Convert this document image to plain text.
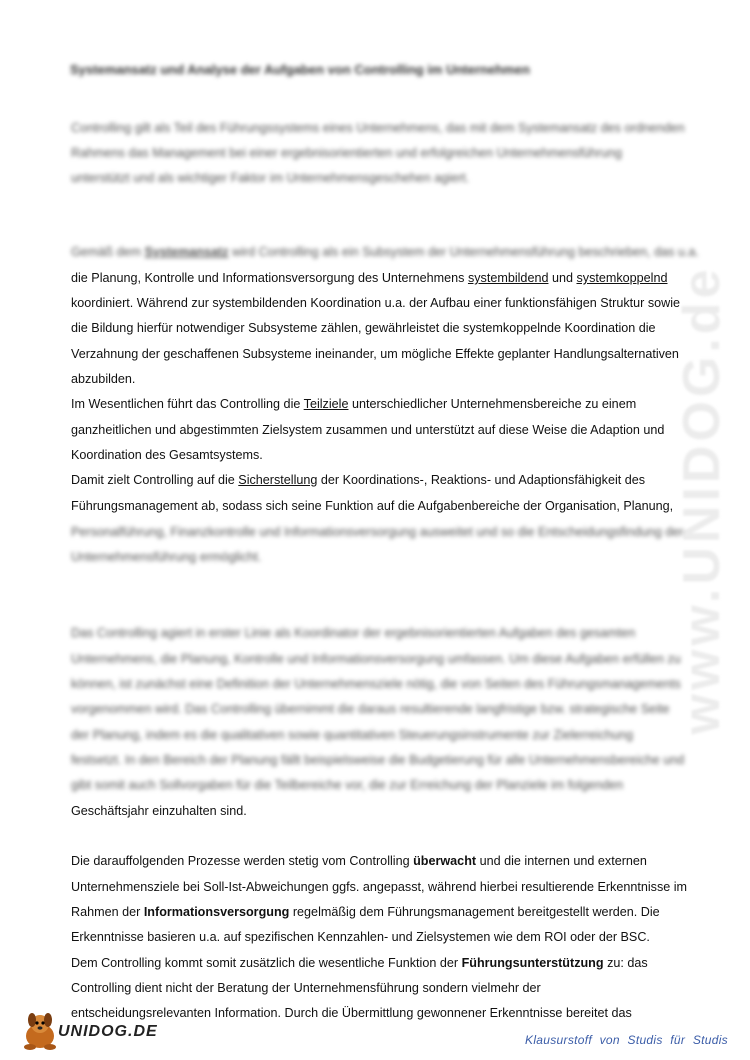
www.UNIDOG.de
Systemansatz und Analyse der Aufgaben von Controlling im Unternehmen
Controlling gilt als Teil des Führungssystems eines Unternehmens, das mit dem Systemansatz des ordnenden
Rahmens das Management bei einer ergebnisorientierten und erfolgreichen Unternehmensführung
unterstützt und als wichtiger Faktor im Unternehmensgeschehen agiert.
Gemäß dem Systemansatz wird Controlling als ein Subsystem der Unternehmensführung beschrieben, das u.a.
die Planung, Kontrolle und Informationsversorgung des Unternehmens systembildend und systemkoppelnd
koordiniert. Während zur systembildenden Koordination u.a. der Aufbau einer funktionsfähigen Struktur sowie
die Bildung hierfür notwendiger Subsysteme zählen, gewährleistet die systemkoppelnde Koordination die
Verzahnung der geschaffenen Subsysteme ineinander, um mögliche Effekte geplanter Handlungsalternativen
abzubilden.
Im Wesentlichen führt das Controlling die Teilziele unterschiedlicher Unternehmensbereiche zu einem
ganzheitlichen und abgestimmten Zielsystem zusammen und unterstützt auf diese Weise die Adaption und
Koordination des Gesamtsystems.
Damit zielt Controlling auf die Sicherstellung der Koordinations-, Reaktions- und Adaptionsfähigkeit des
Führungsmanagement ab, sodass sich seine Funktion auf die Aufgabenbereiche der Organisation, Planung,
Personalführung, Finanzkontrolle und Informationsversorgung ausweitet und so die Entscheidungsfindung der
Unternehmensführung ermöglicht.
Das Controlling agiert in erster Linie als Koordinator der ergebnisorientierten Aufgaben des gesamten
Unternehmens, die Planung, Kontrolle und Informationsversorgung umfassen. Um diese Aufgaben erfüllen zu
können, ist zunächst eine Definition der Unternehmensziele nötig, die von Seiten des Führungsmanagements
vorgenommen wird. Das Controlling übernimmt die daraus resultierende langfristige bzw. strategische Seite
der Planung, indem es die qualitativen sowie quantitativen Steuerungsinstrumente zur Zielerreichung
festsetzt. In den Bereich der Planung fällt beispielsweise die Budgetierung für alle Unternehmensbereiche und
gibt somit auch Sollvorgaben für die Teilbereiche vor, die zur Erreichung der Planziele im folgenden
Geschäftsjahr einzuhalten sind.
Die darauffolgenden Prozesse werden stetig vom Controlling überwacht und die internen und externen
Unternehmensziele bei Soll-Ist-Abweichungen ggfs. angepasst, während hierbei resultierende Erkenntnisse im
Rahmen der Informationsversorgung regelmäßig dem Führungsmanagement bereitgestellt werden. Die
Erkenntnisse basieren u.a. auf spezifischen Kennzahlen- und Zielsystemen wie dem ROI oder der BSC.
Dem Controlling kommt somit zusätzlich die wesentliche Funktion der Führungsunterstützung zu: das
Controlling dient nicht der Beratung der Unternehmensführung sondern vielmehr der
entscheidungsrelevanten Information. Durch die Übermittlung gewonnener Erkenntnisse bereitet das
UNIDOG.DE	Klausurstoff von Studis für Studis
